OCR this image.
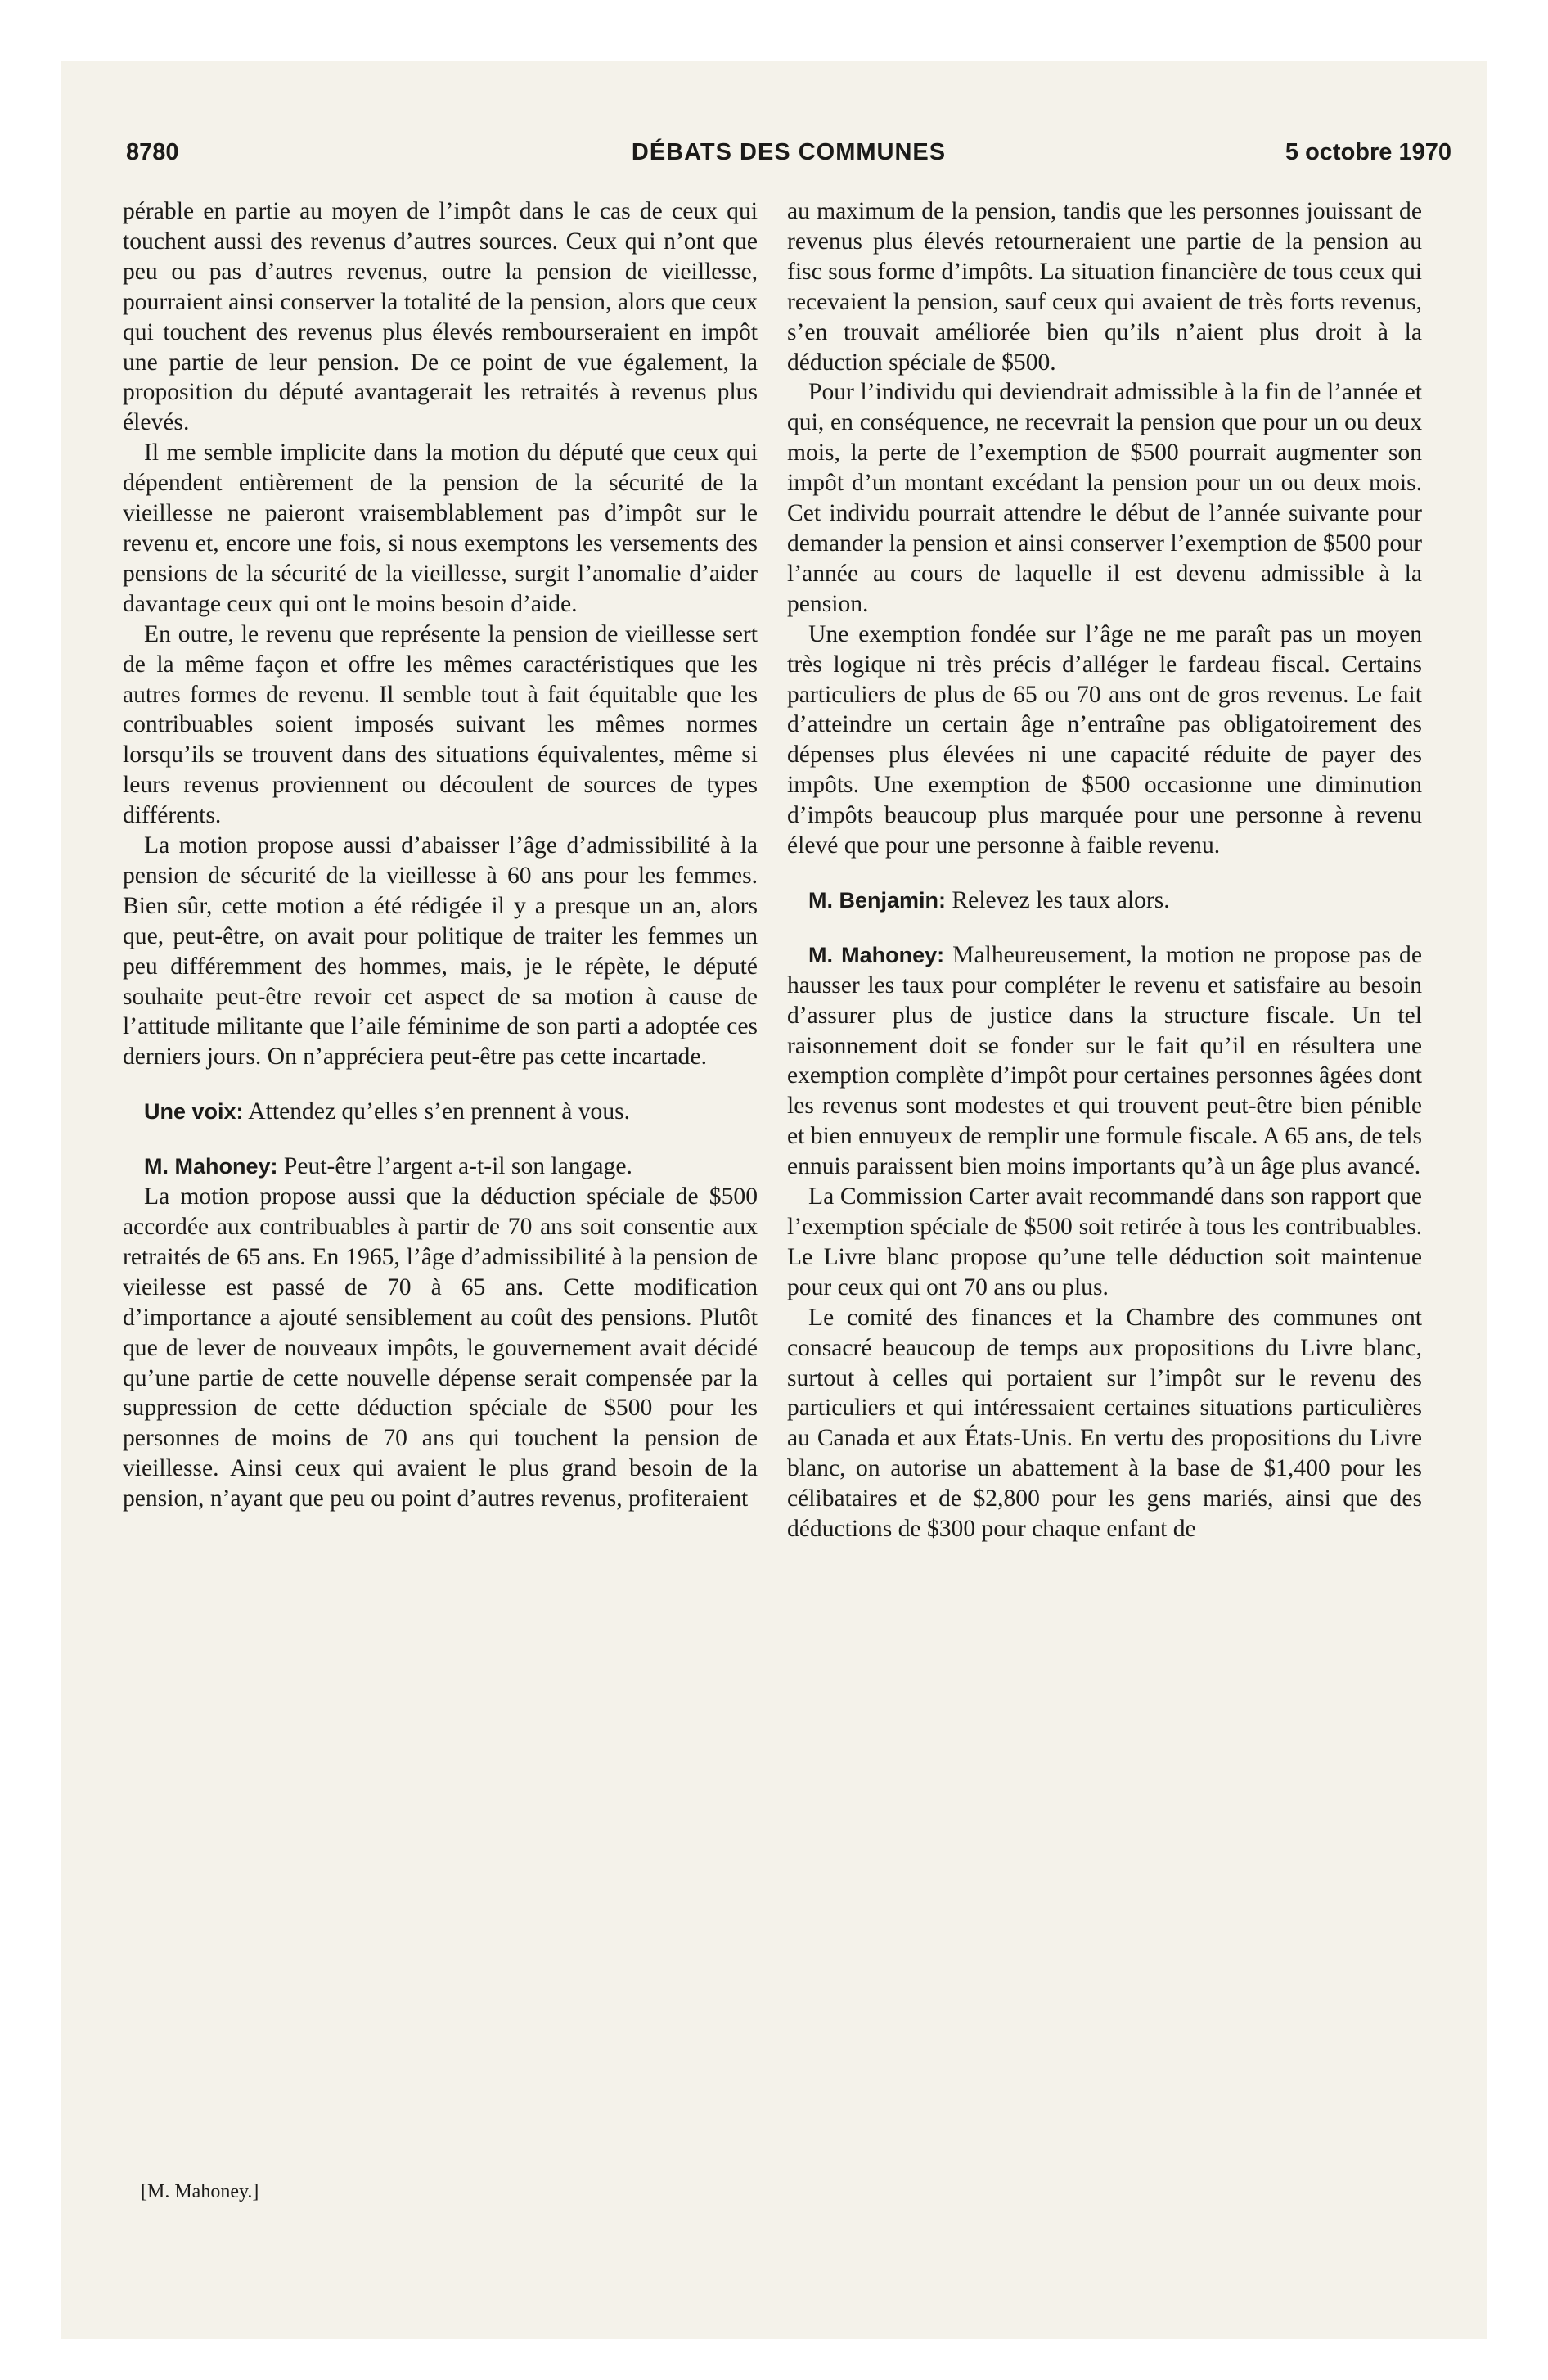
8780	DÉBATS DES COMMUNES	5 octobre 1970

pérable en partie au moyen de l’impôt dans le cas de ceux qui touchent aussi des revenus d’autres sources. Ceux qui n’ont que peu ou pas d’autres revenus, outre la pension de vieillesse, pourraient ainsi conserver la totalité de la pension, alors que ceux qui touchent des revenus plus élevés rembourseraient en impôt une partie de leur pension. De ce point de vue également, la proposition du député avantagerait les retraités à revenus plus élevés.

Il me semble implicite dans la motion du député que ceux qui dépendent entièrement de la pension de la sécurité de la vieillesse ne paieront vraisemblablement pas d’impôt sur le revenu et, encore une fois, si nous exemptons les versements des pensions de la sécurité de la vieillesse, surgit l’anomalie d’aider davantage ceux qui ont le moins besoin d’aide.

En outre, le revenu que représente la pension de vieillesse sert de la même façon et offre les mêmes caractéristiques que les autres formes de revenu. Il semble tout à fait équitable que les contribuables soient imposés suivant les mêmes normes lorsqu’ils se trouvent dans des situations équivalentes, même si leurs revenus proviennent ou découlent de sources de types différents.

La motion propose aussi d’abaisser l’âge d’admissibilité à la pension de sécurité de la vieillesse à 60 ans pour les femmes. Bien sûr, cette motion a été rédigée il y a presque un an, alors que, peut-être, on avait pour politique de traiter les femmes un peu différemment des hommes, mais, je le répète, le député souhaite peut-être revoir cet aspect de sa motion à cause de l’attitude militante que l’aile féminime de son parti a adoptée ces derniers jours. On n’appréciera peut-être pas cette incartade.

Une voix: Attendez qu’elles s’en prennent à vous.

M. Mahoney: Peut-être l’argent a-t-il son langage.

La motion propose aussi que la déduction spéciale de $500 accordée aux contribuables à partir de 70 ans soit consentie aux retraités de 65 ans. En 1965, l’âge d’admissibilité à la pension de vieilesse est passé de 70 à 65 ans. Cette modification d’importance a ajouté sensiblement au coût des pensions. Plutôt que de lever de nouveaux impôts, le gouvernement avait décidé qu’une partie de cette nouvelle dépense serait compensée par la suppression de cette déduction spéciale de $500 pour les personnes de moins de 70 ans qui touchent la pension de vieillesse. Ainsi ceux qui avaient le plus grand besoin de la pension, n’ayant que peu ou point d’autres revenus, profiteraient

au maximum de la pension, tandis que les personnes jouissant de revenus plus élevés retourneraient une partie de la pension au fisc sous forme d’impôts. La situation financière de tous ceux qui recevaient la pension, sauf ceux qui avaient de très forts revenus, s’en trouvait améliorée bien qu’ils n’aient plus droit à la déduction spéciale de $500.

Pour l’individu qui deviendrait admissible à la fin de l’année et qui, en conséquence, ne recevrait la pension que pour un ou deux mois, la perte de l’exemption de $500 pourrait augmenter son impôt d’un montant excédant la pension pour un ou deux mois. Cet individu pourrait attendre le début de l’année suivante pour demander la pension et ainsi conserver l’exemption de $500 pour l’année au cours de laquelle il est devenu admissible à la pension.

Une exemption fondée sur l’âge ne me paraît pas un moyen très logique ni très précis d’alléger le fardeau fiscal. Certains particuliers de plus de 65 ou 70 ans ont de gros revenus. Le fait d’atteindre un certain âge n’entraîne pas obligatoirement des dépenses plus élevées ni une capacité réduite de payer des impôts. Une exemption de $500 occasionne une diminution d’impôts beaucoup plus marquée pour une personne à revenu élevé que pour une personne à faible revenu.

M. Benjamin: Relevez les taux alors.

M. Mahoney: Malheureusement, la motion ne propose pas de hausser les taux pour compléter le revenu et satisfaire au besoin d’assurer plus de justice dans la structure fiscale. Un tel raisonnement doit se fonder sur le fait qu’il en résultera une exemption complète d’impôt pour certaines personnes âgées dont les revenus sont modestes et qui trouvent peut-être bien pénible et bien ennuyeux de remplir une formule fiscale. A 65 ans, de tels ennuis paraissent bien moins importants qu’à un âge plus avancé.

La Commission Carter avait recommandé dans son rapport que l’exemption spéciale de $500 soit retirée à tous les contribuables. Le Livre blanc propose qu’une telle déduction soit maintenue pour ceux qui ont 70 ans ou plus.

Le comité des finances et la Chambre des communes ont consacré beaucoup de temps aux propositions du Livre blanc, surtout à celles qui portaient sur l’impôt sur le revenu des particuliers et qui intéressaient certaines situations particulières au Canada et aux États-Unis. En vertu des propositions du Livre blanc, on autorise un abattement à la base de $1,400 pour les célibataires et de $2,800 pour les gens mariés, ainsi que des déductions de $300 pour chaque enfant de

[M. Mahoney.]
